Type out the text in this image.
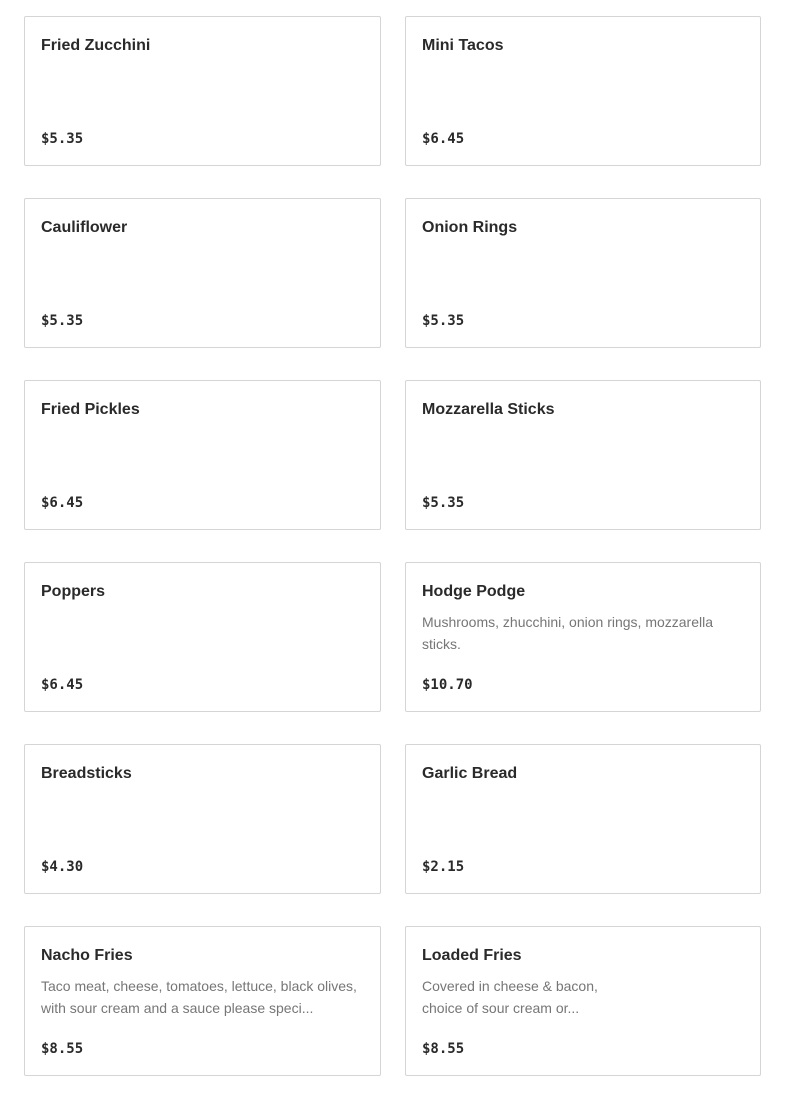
Fried Zucchini
$5.35
Mini Tacos
$6.45
Cauliflower
$5.35
Onion Rings
$5.35
Fried Pickles
$6.45
Mozzarella Sticks
$5.35
Poppers
$6.45
Hodge Podge
Mushrooms, zhucchini, onion rings, mozzarella sticks.
$10.70
Breadsticks
$4.30
Garlic Bread
$2.15
Nacho Fries
Taco meat, cheese, tomatoes, lettuce, black olives, with sour cream and a sauce please speci...
$8.55
Loaded Fries
Covered in cheese & bacon, choice of sour cream or...
$8.55
